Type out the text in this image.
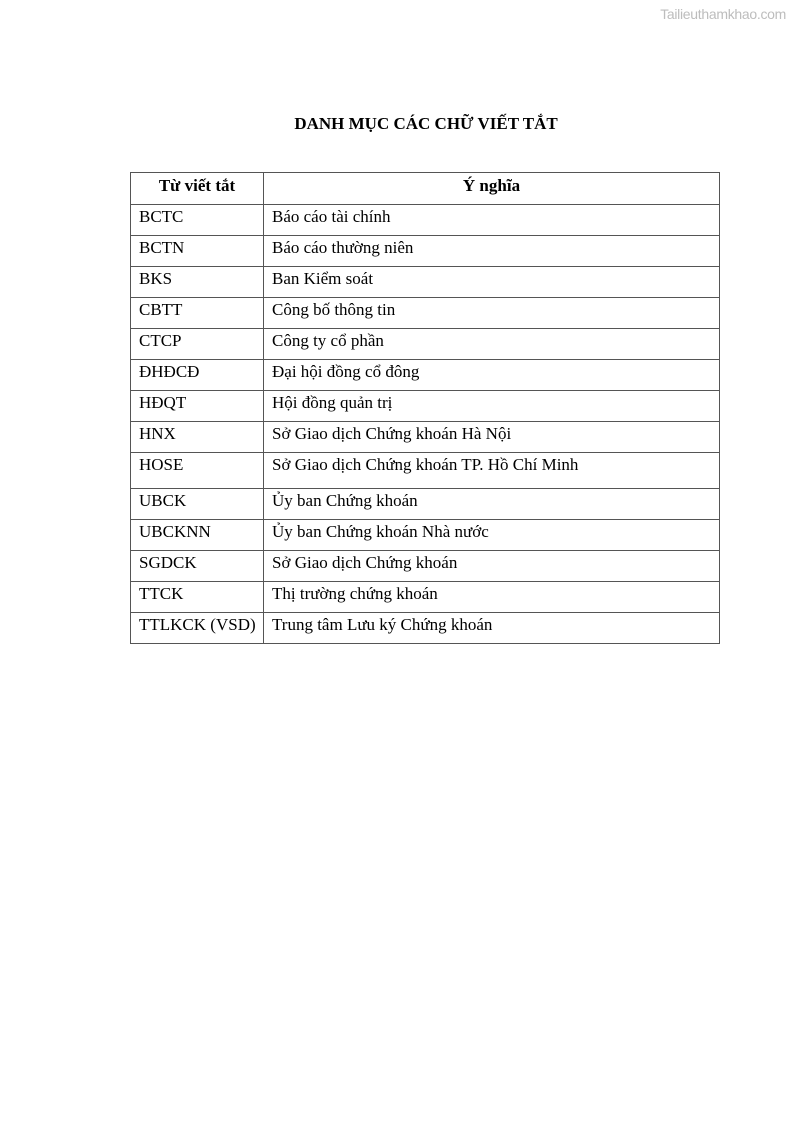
Tailieuthamkhao.com
DANH MỤC CÁC CHỮ VIẾT TẮT
Từ viết tắt	Ý nghĩa
BCTC	Báo cáo tài chính
BCTN	Báo cáo thường niên
BKS	Ban Kiểm soát
CBTT	Công bố thông tin
CTCP	Công ty cổ phần
ĐHĐCĐ	Đại hội đồng cổ đông
HĐQT	Hội đồng quản trị
HNX	Sở Giao dịch Chứng khoán Hà Nội
HOSE	Sở Giao dịch Chứng khoán TP. Hồ Chí Minh
UBCK	Ủy ban Chứng khoán
UBCKNN	Ủy ban Chứng khoán Nhà nước
SGDCK	Sở Giao dịch Chứng khoán
TTCK	Thị trường chứng khoán
TTLKCK (VSD)	Trung tâm Lưu ký Chứng khoán
